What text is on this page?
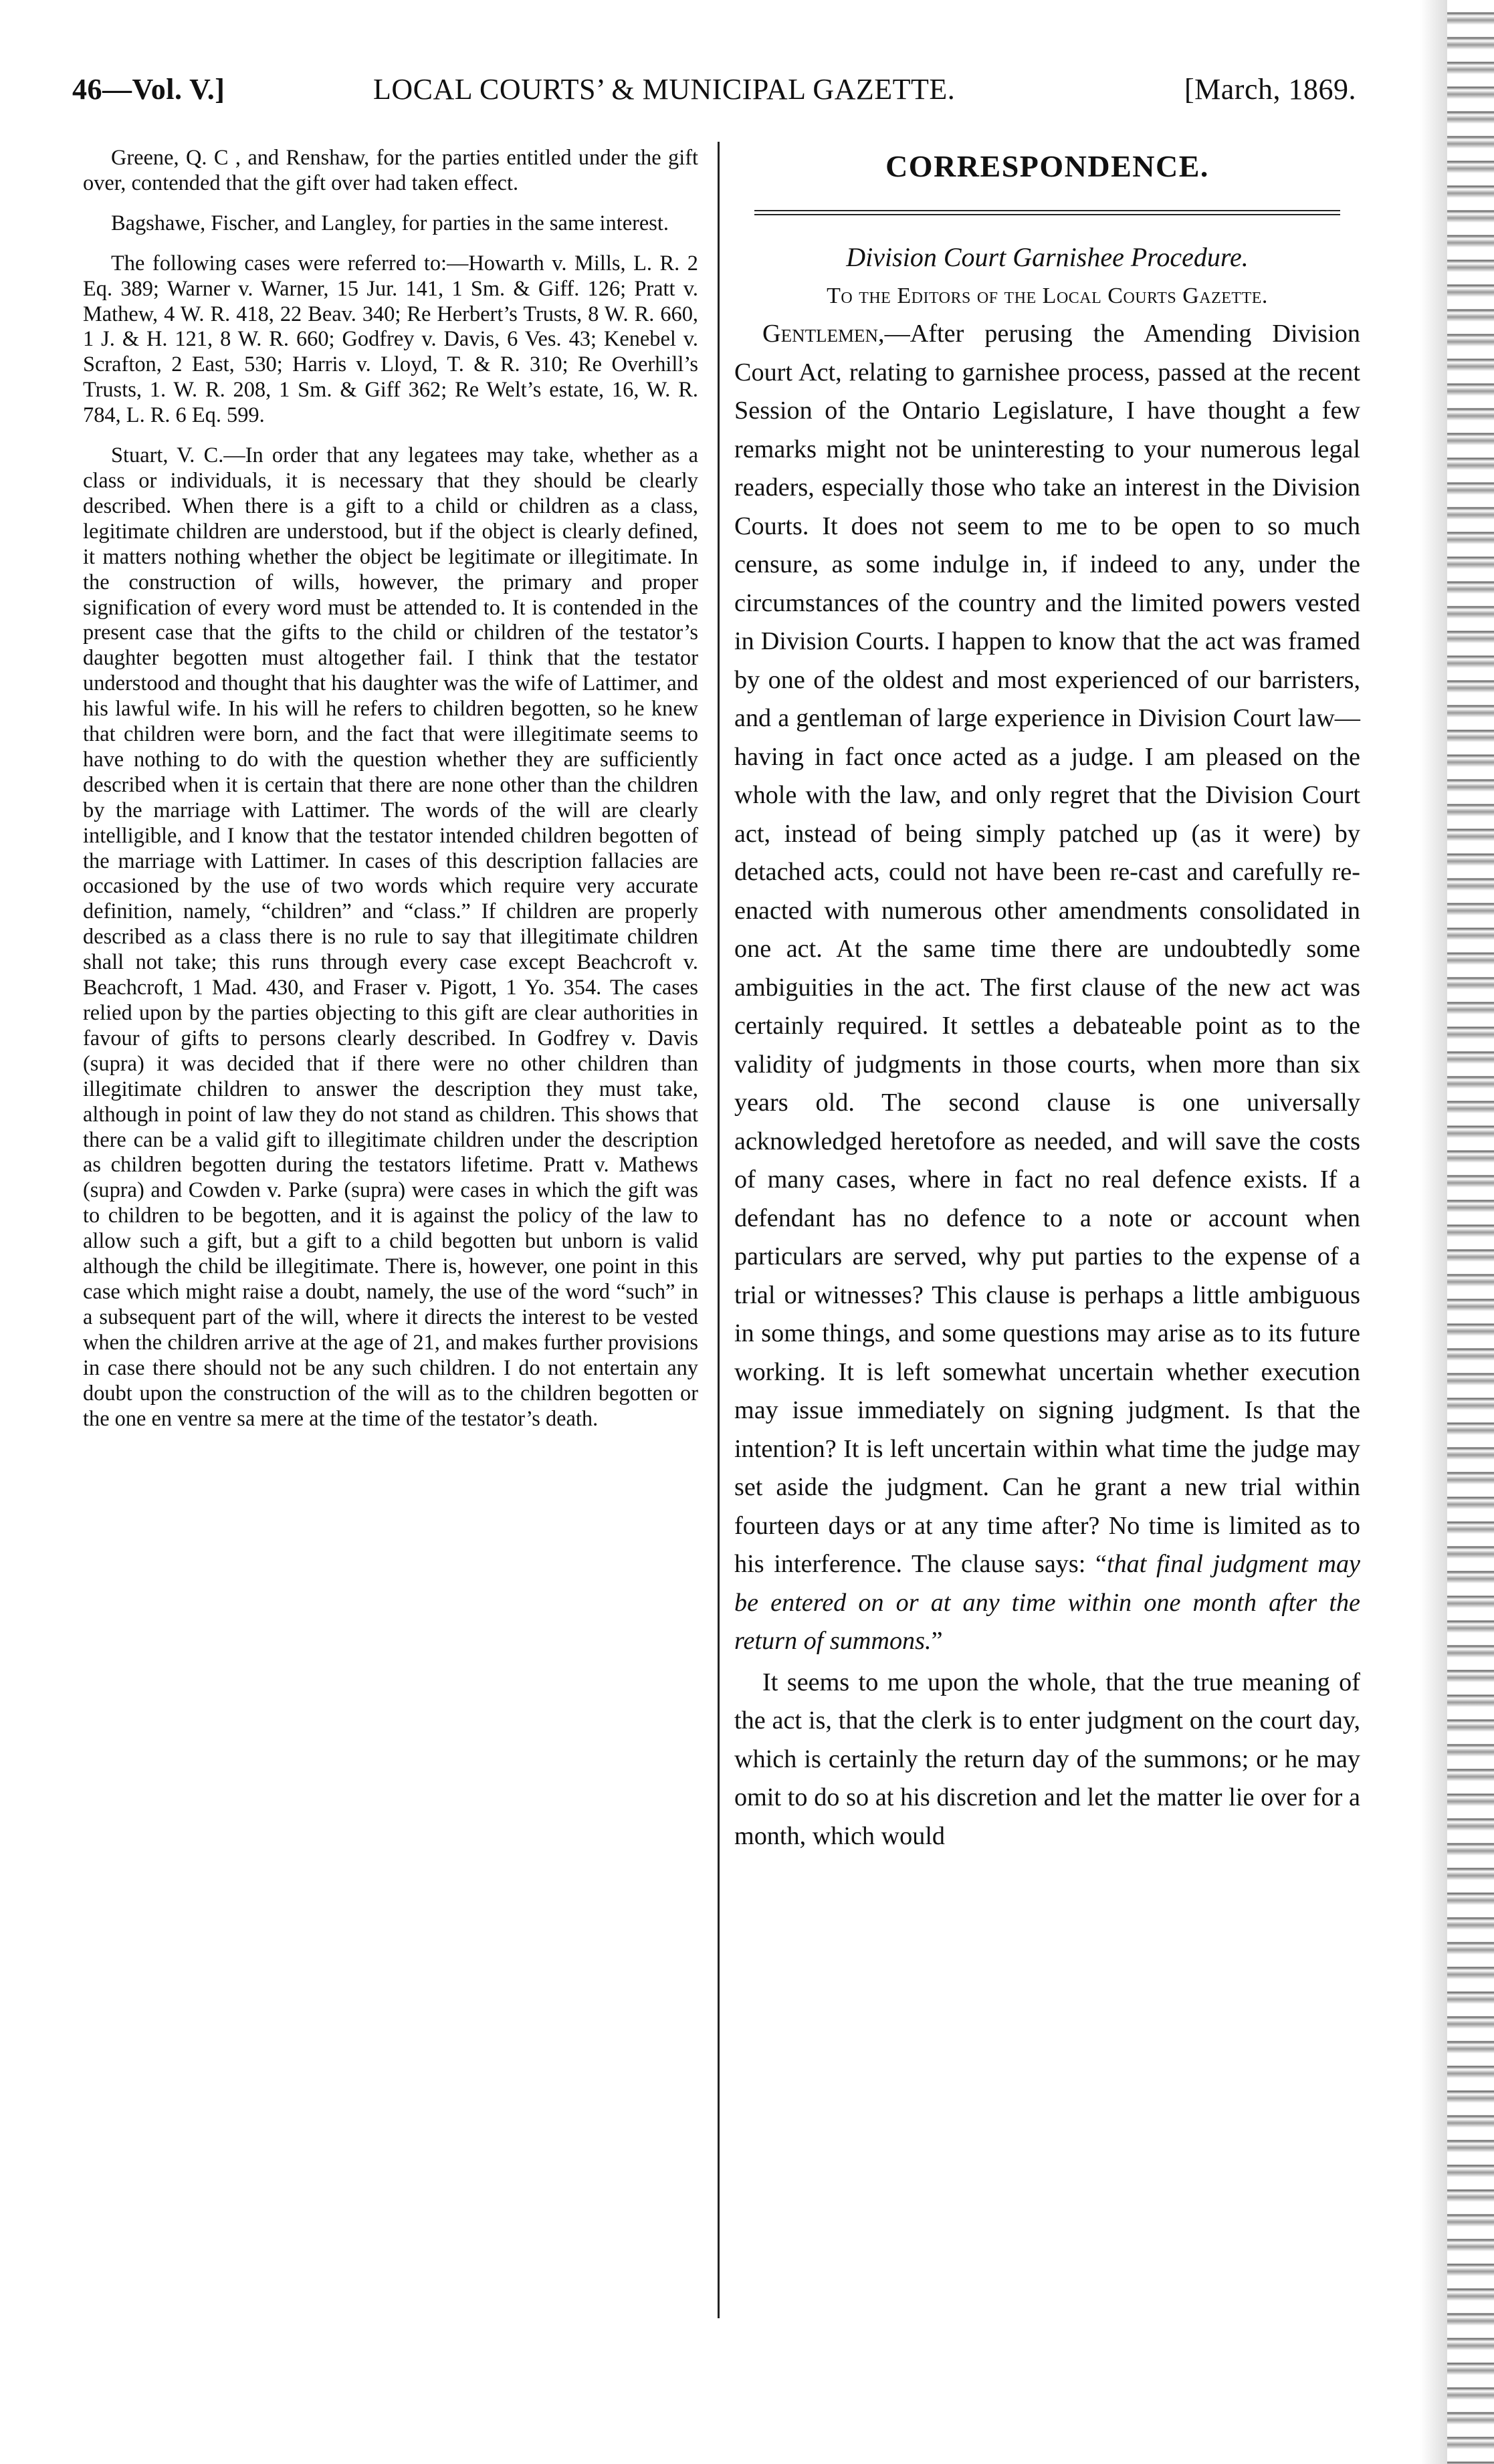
46—Vol. V.]	LOCAL COURTS’ & MUNICIPAL GAZETTE.	[March, 1869.

Greene, Q. C , and Renshaw, for the parties entitled under the gift over, contended that the gift over had taken effect.

Bagshawe, Fischer, and Langley, for parties in the same interest.

The following cases were referred to:—Howarth v. Mills, L. R. 2 Eq. 389; Warner v. Warner, 15 Jur. 141, 1 Sm. & Giff. 126; Pratt v. Mathew, 4 W. R. 418, 22 Beav. 340; Re Herbert’s Trusts, 8 W. R. 660, 1 J. & H. 121, 8 W. R. 660; Godfrey v. Davis, 6 Ves. 43; Kenebel v. Scrafton, 2 East, 530; Harris v. Lloyd, T. & R. 310; Re Overhill’s Trusts, 1. W. R. 208, 1 Sm. & Giff 362; Re Welt’s estate, 16, W. R. 784, L. R. 6 Eq. 599.

Stuart, V. C.—In order that any legatees may take, whether as a class or individuals, it is necessary that they should be clearly described. When there is a gift to a child or children as a class, legitimate children are understood, but if the object is clearly defined, it matters nothing whether the object be legitimate or illegitimate. In the construction of wills, however, the primary and proper signification of every word must be attended to. It is contended in the present case that the gifts to the child or children of the testator’s daughter begotten must altogether fail. I think that the testator understood and thought that his daughter was the wife of Lattimer, and his lawful wife. In his will he refers to children begotten, so he knew that children were born, and the fact that were illegitimate seems to have nothing to do with the question whether they are sufficiently described when it is certain that there are none other than the children by the marriage with Lattimer. The words of the will are clearly intelligible, and I know that the testator intended children begotten of the marriage with Lattimer. In cases of this description fallacies are occasioned by the use of two words which require very accurate definition, namely, “children” and “class.” If children are properly described as a class there is no rule to say that illegitimate children shall not take; this runs through every case except Beachcroft v. Beachcroft, 1 Mad. 430, and Fraser v. Pigott, 1 Yo. 354. The cases relied upon by the parties objecting to this gift are clear authorities in favour of gifts to persons clearly described. In Godfrey v. Davis (supra) it was decided that if there were no other children than illegitimate children to answer the description they must take, although in point of law they do not stand as children. This shows that there can be a valid gift to illegitimate children under the description as children begotten during the testators lifetime. Pratt v. Mathews (supra) and Cowden v. Parke (supra) were cases in which the gift was to children to be begotten, and it is against the policy of the law to allow such a gift, but a gift to a child begotten but unborn is valid although the child be illegitimate. There is, however, one point in this case which might raise a doubt, namely, the use of the word “such” in a subsequent part of the will, where it directs the interest to be vested when the children arrive at the age of 21, and makes further provisions in case there should not be any such children. I do not entertain any doubt upon the construction of the will as to the children begotten or the one en ventre sa mere at the time of the testator’s death.

CORRESPONDENCE.

Division Court Garnishee Procedure.

To the Editors of the Local Courts Gazette.

Gentlemen,—After perusing the Amending Division Court Act, relating to garnishee process, passed at the recent Session of the Ontario Legislature, I have thought a few remarks might not be uninteresting to your numerous legal readers, especially those who take an interest in the Division Courts. It does not seem to me to be open to so much censure, as some indulge in, if indeed to any, under the circumstances of the country and the limited powers vested in Division Courts. I happen to know that the act was framed by one of the oldest and most experienced of our barristers, and a gentleman of large experience in Division Court law—having in fact once acted as a judge. I am pleased on the whole with the law, and only regret that the Division Court act, instead of being simply patched up (as it were) by detached acts, could not have been re-cast and carefully re-enacted with numerous other amendments consolidated in one act. At the same time there are undoubtedly some ambiguities in the act. The first clause of the new act was certainly required. It settles a debateable point as to the validity of judgments in those courts, when more than six years old. The second clause is one universally acknowledged heretofore as needed, and will save the costs of many cases, where in fact no real defence exists. If a defendant has no defence to a note or account when particulars are served, why put parties to the expense of a trial or witnesses? This clause is perhaps a little ambiguous in some things, and some questions may arise as to its future working. It is left somewhat uncertain whether execution may issue immediately on signing judgment. Is that the intention? It is left uncertain within what time the judge may set aside the judgment. Can he grant a new trial within fourteen days or at any time after? No time is limited as to his interference. The clause says: “that final judgment may be entered on or at any time within one month after the return of summons.”

It seems to me upon the whole, that the true meaning of the act is, that the clerk is to enter judgment on the court day, which is certainly the return day of the summons; or he may omit to do so at his discretion and let the matter lie over for a month, which would
